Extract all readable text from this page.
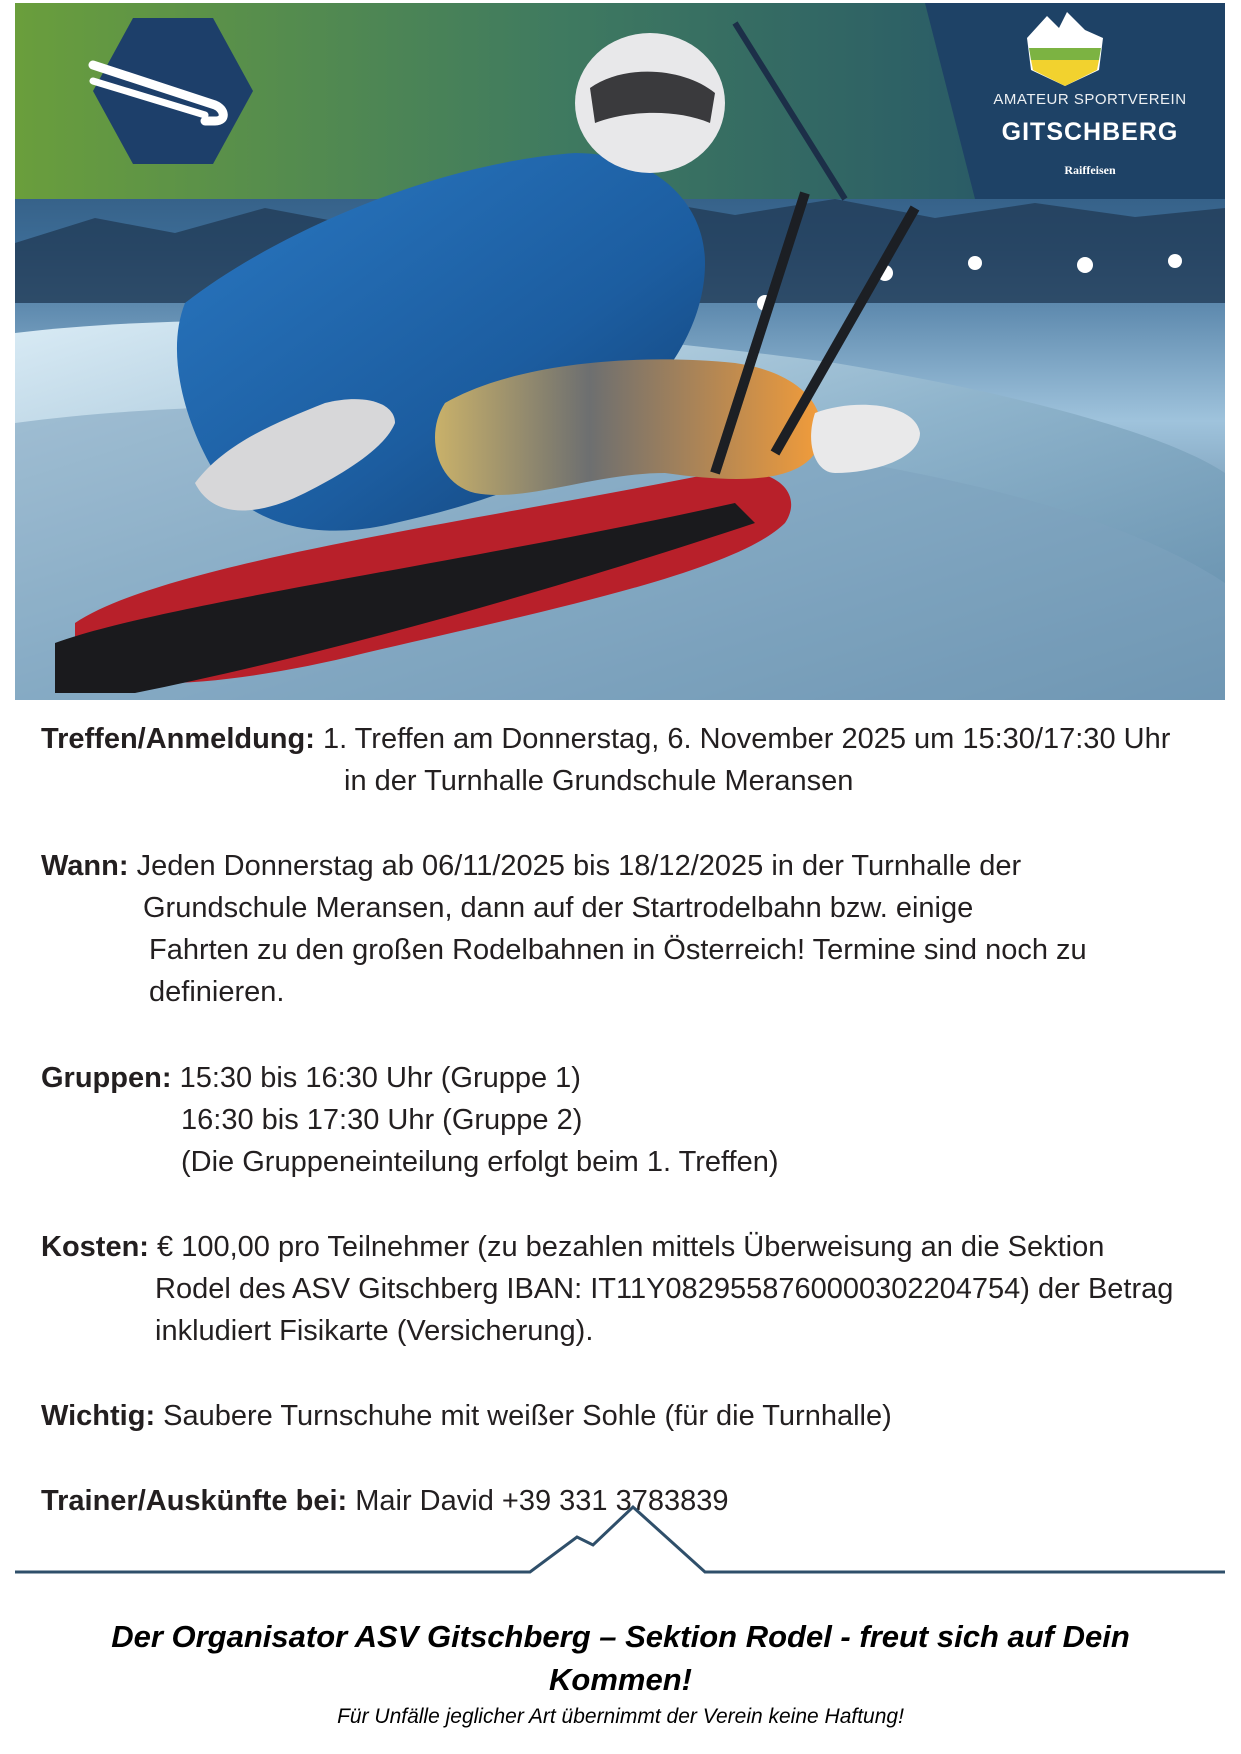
AMATEUR SPORTVEREIN
GITSCHBERG
Raiffeisen
Treffen/Anmeldung: 1. Treffen am Donnerstag, 6. November 2025 um 15:30/17:30 Uhr
in der Turnhalle Grundschule Meransen
Wann: Jeden Donnerstag ab 06/11/2025 bis 18/12/2025 in der Turnhalle der
Grundschule Meransen, dann auf der Startrodelbahn bzw. einige
Fahrten zu den großen Rodelbahnen in Österreich! Termine sind noch zu
definieren.
Gruppen: 15:30 bis 16:30 Uhr (Gruppe 1)
16:30 bis 17:30 Uhr (Gruppe 2)
(Die Gruppeneinteilung erfolgt beim 1. Treffen)
Kosten: € 100,00 pro Teilnehmer (zu bezahlen mittels Überweisung an die Sektion
Rodel des ASV Gitschberg IBAN: IT11Y0829558760000302204754) der Betrag
inkludiert Fisikarte (Versicherung).
Wichtig: Saubere Turnschuhe mit weißer Sohle (für die Turnhalle)
Trainer/Auskünfte bei: Mair David +39 331 3783839
Der Organisator ASV Gitschberg – Sektion Rodel - freut sich auf Dein
Kommen!
Für Unfälle jeglicher Art übernimmt der Verein keine Haftung!
